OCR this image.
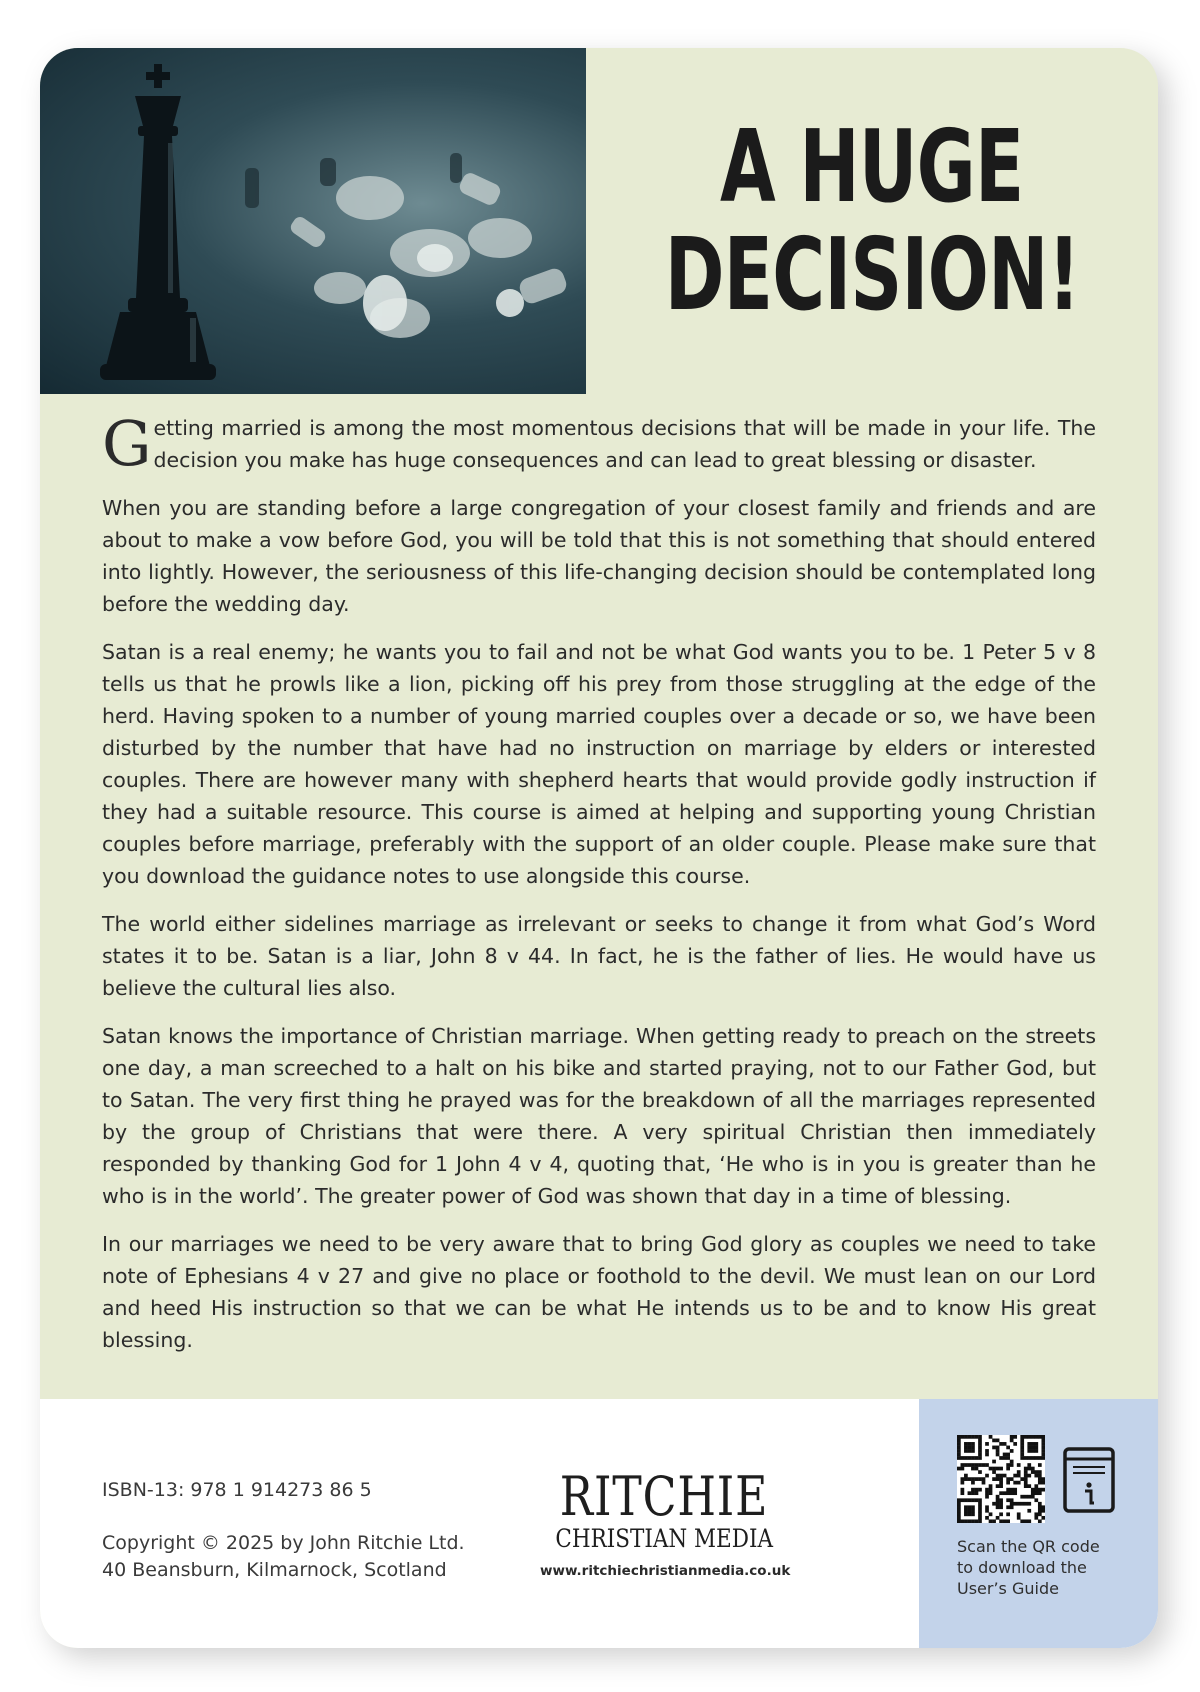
A HUGE
DECISION!

Getting married is among the most momentous decisions that will be made in your life. The decision you make has huge consequences and can lead to great blessing or disaster.

When you are standing before a large congregation of your closest family and friends and are about to make a vow before God, you will be told that this is not something that should entered into lightly. However, the seriousness of this life-changing decision should be contemplated long before the wedding day.

Satan is a real enemy; he wants you to fail and not be what God wants you to be. 1 Peter 5 v 8 tells us that he prowls like a lion, picking off his prey from those struggling at the edge of the herd. Having spoken to a number of young married couples over a decade or so, we have been disturbed by the number that have had no instruction on marriage by elders or interested couples. There are however many with shepherd hearts that would provide godly instruction if they had a suitable resource. This course is aimed at helping and supporting young Christian couples before marriage, preferably with the support of an older couple. Please make sure that you download the guidance notes to use alongside this course.

The world either sidelines marriage as irrelevant or seeks to change it from what God’s Word states it to be. Satan is a liar, John 8 v 44. In fact, he is the father of lies. He would have us believe the cultural lies also.

Satan knows the importance of Christian marriage. When getting ready to preach on the streets one day, a man screeched to a halt on his bike and started praying, not to our Father God, but to Satan. The very first thing he prayed was for the breakdown of all the marriages represented by the group of Christians that were there. A very spiritual Christian then immediately responded by thanking God for 1 John 4 v 4, quoting that, ‘He who is in you is greater than he who is in the world’. The greater power of God was shown that day in a time of blessing.

In our marriages we need to be very aware that to bring God glory as couples we need to take note of Ephesians 4 v 27 and give no place or foothold to the devil. We must lean on our Lord and heed His instruction so that we can be what He intends us to be and to know His great blessing.

ISBN-13: 978 1 914273 86 5
Copyright © 2025 by John Ritchie Ltd.
40 Beansburn, Kilmarnock, Scotland
RITCHIE
CHRISTIAN MEDIA
www.ritchiechristianmedia.co.uk
Scan the QR code
to download the
User’s Guide
